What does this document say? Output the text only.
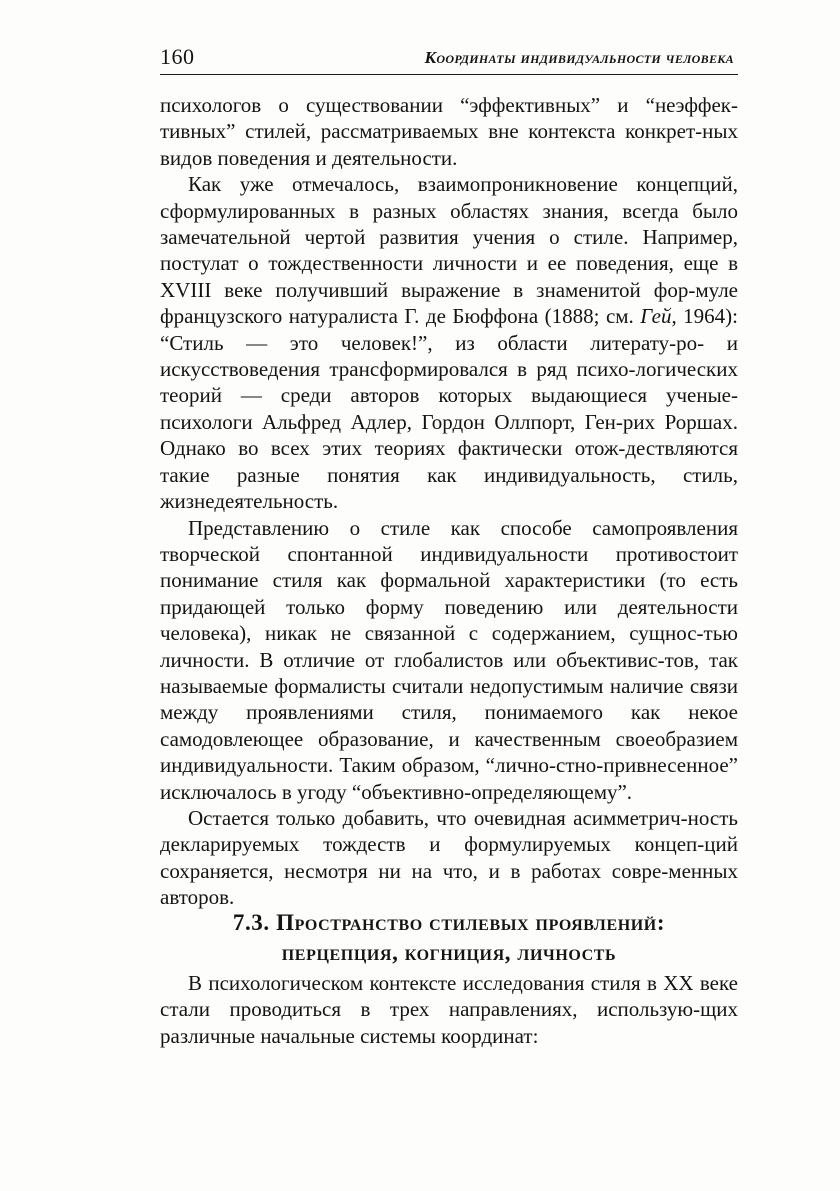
160	Координаты индивидуальности человека

психологов о существовании “эффективных” и “неэффек-тивных” стилей, рассматриваемых вне контекста конкрет-ных видов поведения и деятельности.

Как уже отмечалось, взаимопроникновение концепций, сформулированных в разных областях знания, всегда было замечательной чертой развития учения о стиле. Например, постулат о тождественности личности и ее поведения, еще в XVIII веке получивший выражение в знаменитой фор-муле французского натуралиста Г. де Бюффона (1888; см. Гей, 1964): “Стиль — это человек!”, из области литерату-ро- и искусствоведения трансформировался в ряд психо-логических теорий — среди авторов которых выдающиеся ученые-психологи Альфред Адлер, Гордон Оллпорт, Ген-рих Роршах. Однако во всех этих теориях фактически отож-дествляются такие разные понятия как индивидуальность, стиль, жизнедеятельность.

Представлению о стиле как способе самопроявления творческой спонтанной индивидуальности противостоит понимание стиля как формальной характеристики (то есть придающей только форму поведению или деятельности человека), никак не связанной с содержанием, сущнос-тью личности. В отличие от глобалистов или объективис-тов, так называемые формалисты считали недопустимым наличие связи между проявлениями стиля, понимаемого как некое самодовлеющее образование, и качественным своеобразием индивидуальности. Таким образом, “лично-стно-привнесенное” исключалось в угоду “объективно-определяющему”.

Остается только добавить, что очевидная асимметрич-ность декларируемых тождеств и формулируемых концеп-ций сохраняется, несмотря ни на что, и в работах совре-менных авторов.

7.3. Пространство стилевых проявлений:
перцепция, когниция, личность

В психологическом контексте исследования стиля в XX веке стали проводиться в трех направлениях, использую-щих различные начальные системы координат:
